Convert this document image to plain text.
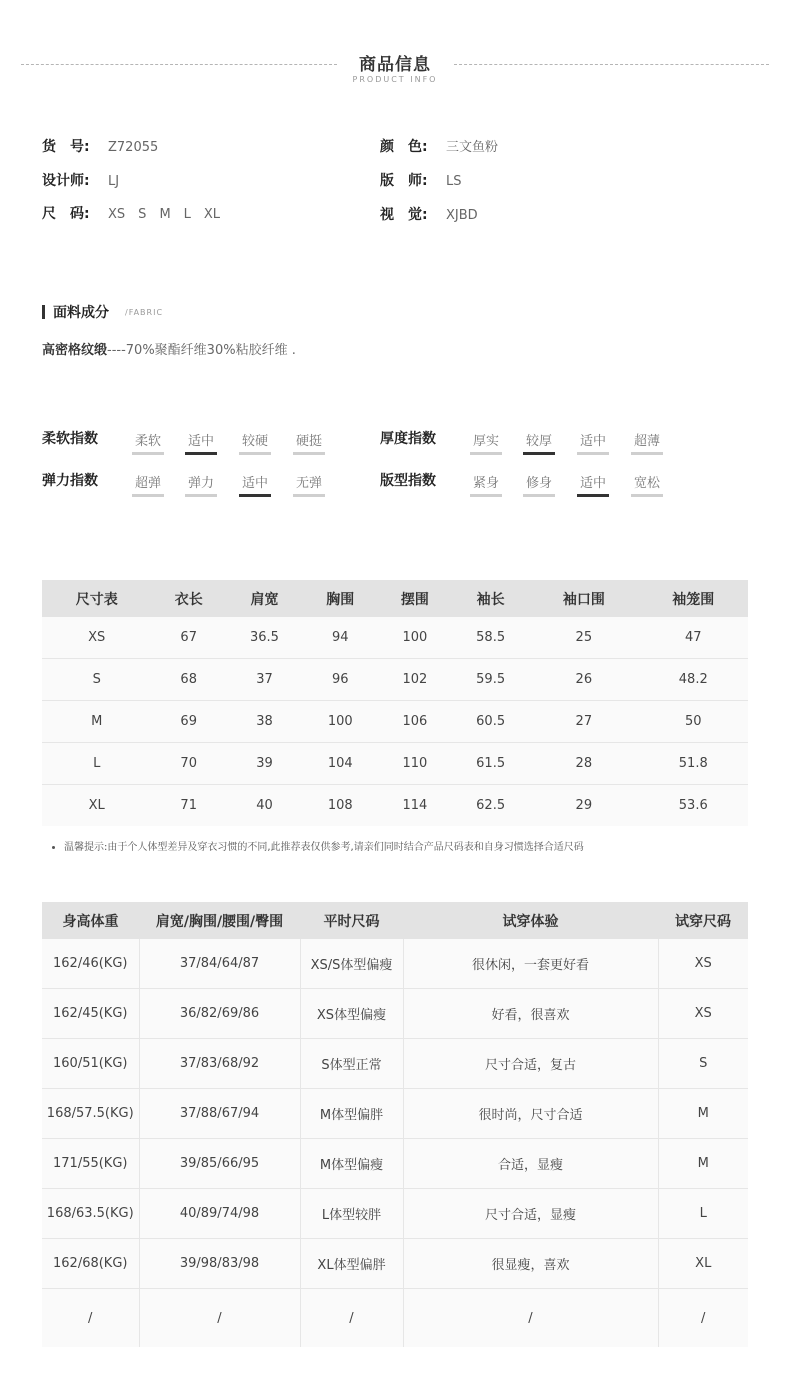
商品信息
PRODUCT INFO
货　号: Z72055
设计师: LJ
尺　码: XS S M L XL
颜　色: 三文鱼粉
版　师: LS
视　觉: XJBD
面料成分 /FABRIC
高密格纹缎----70%聚酯纤维30%粘胶纤维 .
柔软指数	柔软 适中 较硬 硬挺	厚度指数	厚实 较厚 适中 超薄
弹力指数	超弹 弹力 适中 无弹	版型指数	紧身 修身 适中 宽松
尺寸表	衣长	肩宽	胸围	摆围	袖长	袖口围	袖笼围
XS	67	36.5	94	100	58.5	25	47
S	68	37	96	102	59.5	26	48.2
M	69	38	100	106	60.5	27	50
L	70	39	104	110	61.5	28	51.8
XL	71	40	108	114	62.5	29	53.6
温馨提示:由于个人体型差异及穿衣习惯的不同,此推荐表仅供参考,请亲们同时结合产品尺码表和自身习惯选择合适尺码
身高体重	肩宽/胸围/腰围/臀围	平时尺码	试穿体验	试穿尺码
162/46(KG)	37/84/64/87	XS/S体型偏瘦	很休闲，一套更好看	XS
162/45(KG)	36/82/69/86	XS体型偏瘦	好看，很喜欢	XS
160/51(KG)	37/83/68/92	S体型正常	尺寸合适，复古	S
168/57.5(KG)	37/88/67/94	M体型偏胖	很时尚，尺寸合适	M
171/55(KG)	39/85/66/95	M体型偏瘦	合适，显瘦	M
168/63.5(KG)	40/89/74/98	L体型较胖	尺寸合适，显瘦	L
162/68(KG)	39/98/83/98	XL体型偏胖	很显瘦，喜欢	XL
/	/	/	/	/
